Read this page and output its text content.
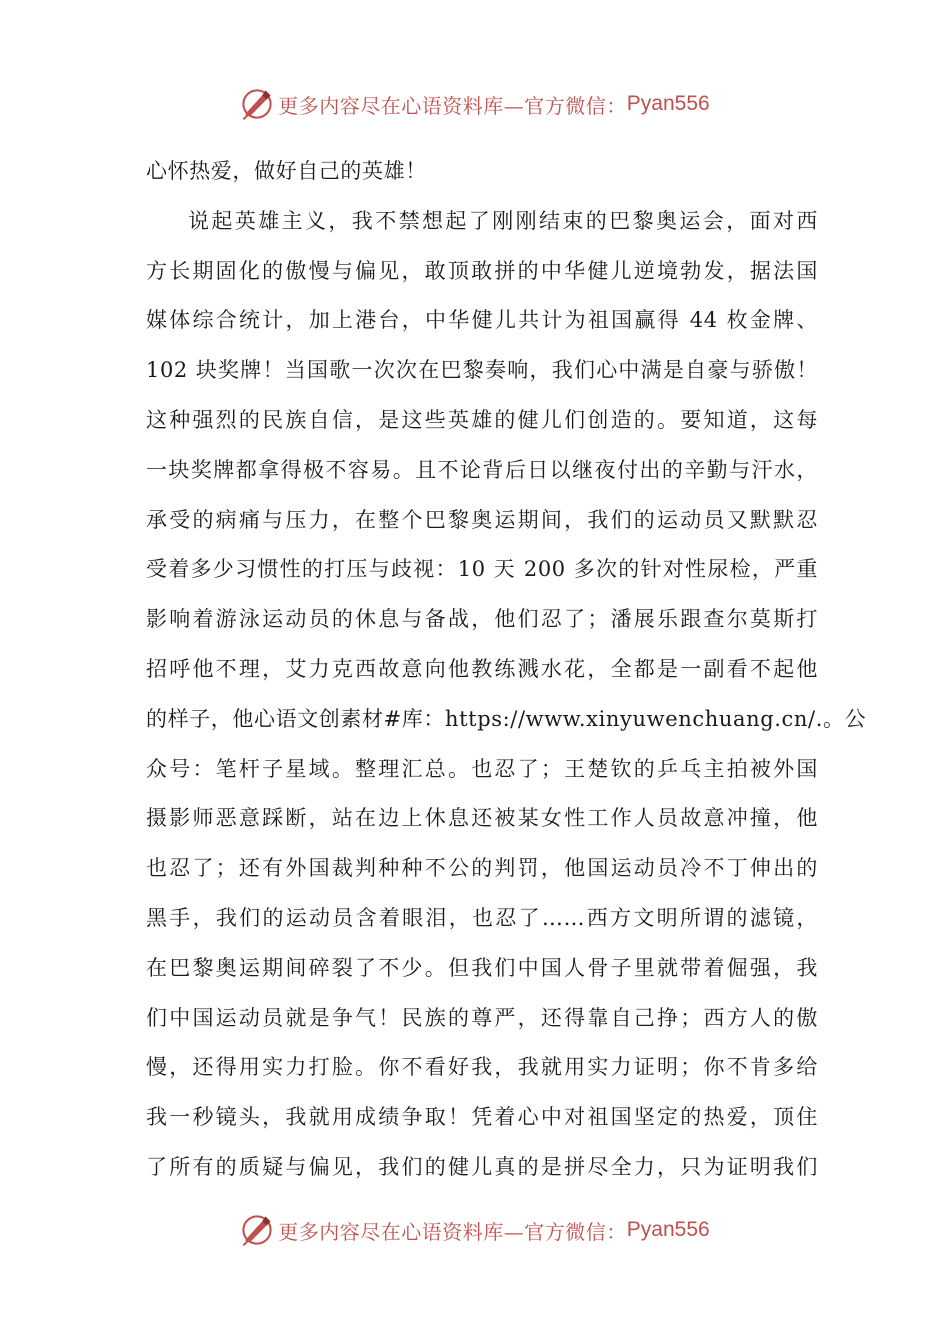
更多内容尽在心语资料库—官方微信： Pyan556
心怀热爱，做好自己的英雄！
说起英雄主义，我不禁想起了刚刚结束的巴黎奥运会，面对西
方长期固化的傲慢与偏见，敢顶敢拼的中华健儿逆境勃发，据法国
媒体综合统计，加上港台，中华健儿共计为祖国赢得 44 枚金牌、
102 块奖牌！当国歌一次次在巴黎奏响，我们心中满是自豪与骄傲！
这种强烈的民族自信，是这些英雄的健儿们创造的。要知道，这每
一块奖牌都拿得极不容易。且不论背后日以继夜付出的辛勤与汗水，
承受的病痛与压力，在整个巴黎奥运期间，我们的运动员又默默忍
受着多少习惯性的打压与歧视：10 天 200 多次的针对性尿检，严重
影响着游泳运动员的休息与备战，他们忍了；潘展乐跟查尔莫斯打
招呼他不理，艾力克西故意向他教练溅水花，全都是一副看不起他
的样子，他心语文创素材#库：https://www.xinyuwenchuang.cn/.。公
众号：笔杆子星域。整理汇总。也忍了；王楚钦的乒乓主拍被外国
摄影师恶意踩断，站在边上休息还被某女性工作人员故意冲撞，他
也忍了；还有外国裁判种种不公的判罚，他国运动员冷不丁伸出的
黑手，我们的运动员含着眼泪，也忍了……西方文明所谓的滤镜，
在巴黎奥运期间碎裂了不少。但我们中国人骨子里就带着倔强，我
们中国运动员就是争气！民族的尊严，还得靠自己挣；西方人的傲
慢，还得用实力打脸。你不看好我，我就用实力证明；你不肯多给
我一秒镜头，我就用成绩争取！凭着心中对祖国坚定的热爱，顶住
了所有的质疑与偏见，我们的健儿真的是拼尽全力，只为证明我们
更多内容尽在心语资料库—官方微信： Pyan556
